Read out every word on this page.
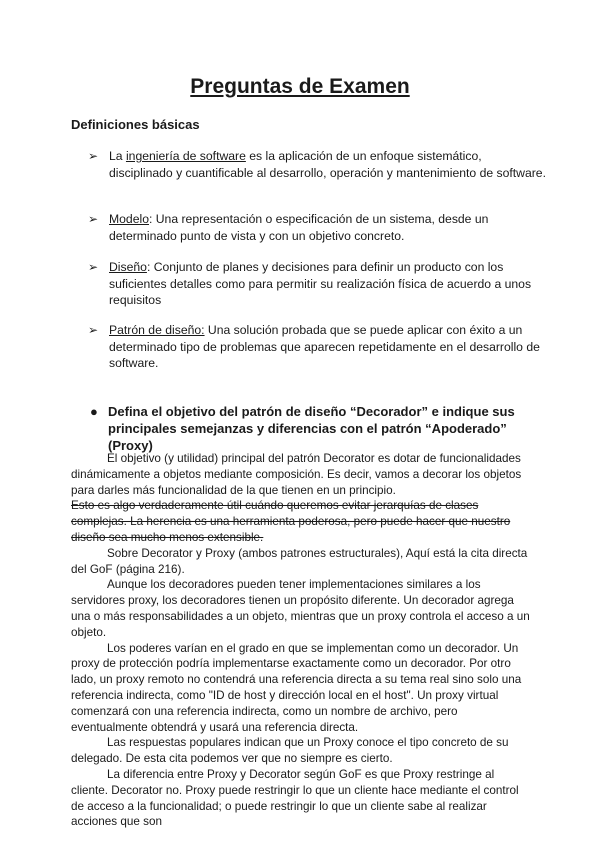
Preguntas de Examen
Definiciones básicas
➢ La ingeniería de software es la aplicación de un enfoque sistemático, disciplinado y cuantificable al desarrollo, operación y mantenimiento de software.
➢ Modelo: Una representación o especificación de un sistema, desde un determinado punto de vista y con un objetivo concreto.
➢ Diseño: Conjunto de planes y decisiones para definir un producto con los suficientes detalles como para permitir su realización física de acuerdo a unos requisitos
➢ Patrón de diseño: Una solución probada que se puede aplicar con éxito a un determinado tipo de problemas que aparecen repetidamente en el desarrollo de software.
● Defina el objetivo del patrón de diseño “Decorador” e indique sus principales semejanzas y diferencias con el patrón “Apoderado” (Proxy)

El objetivo (y utilidad) principal del patrón Decorator es dotar de funcionalidades dinámicamente a objetos mediante composición. Es decir, vamos a decorar los objetos para darles más funcionalidad de la que tienen en un principio.

Esto es algo verdaderamente útil cuándo queremos evitar jerarquías de clases complejas. La herencia es una herramienta poderosa, pero puede hacer que nuestro diseño sea mucho menos extensible.

Sobre Decorator y Proxy (ambos patrones estructurales), Aquí está la cita directa del GoF (página 216).

Aunque los decoradores pueden tener implementaciones similares a los servidores proxy, los decoradores tienen un propósito diferente. Un decorador agrega una o más responsabilidades a un objeto, mientras que un proxy controla el acceso a un objeto.

Los poderes varían en el grado en que se implementan como un decorador. Un proxy de protección podría implementarse exactamente como un decorador. Por otro lado, un proxy remoto no contendrá una referencia directa a su tema real sino solo una referencia indirecta, como "ID de host y dirección local en el host". Un proxy virtual comenzará con una referencia indirecta, como un nombre de archivo, pero eventualmente obtendrá y usará una referencia directa.

Las respuestas populares indican que un Proxy conoce el tipo concreto de su delegado. De esta cita podemos ver que no siempre es cierto.

La diferencia entre Proxy y Decorator según GoF es que Proxy restringe al cliente. Decorator no. Proxy puede restringir lo que un cliente hace mediante el control de acceso a la funcionalidad; o puede restringir lo que un cliente sabe al realizar acciones que son
